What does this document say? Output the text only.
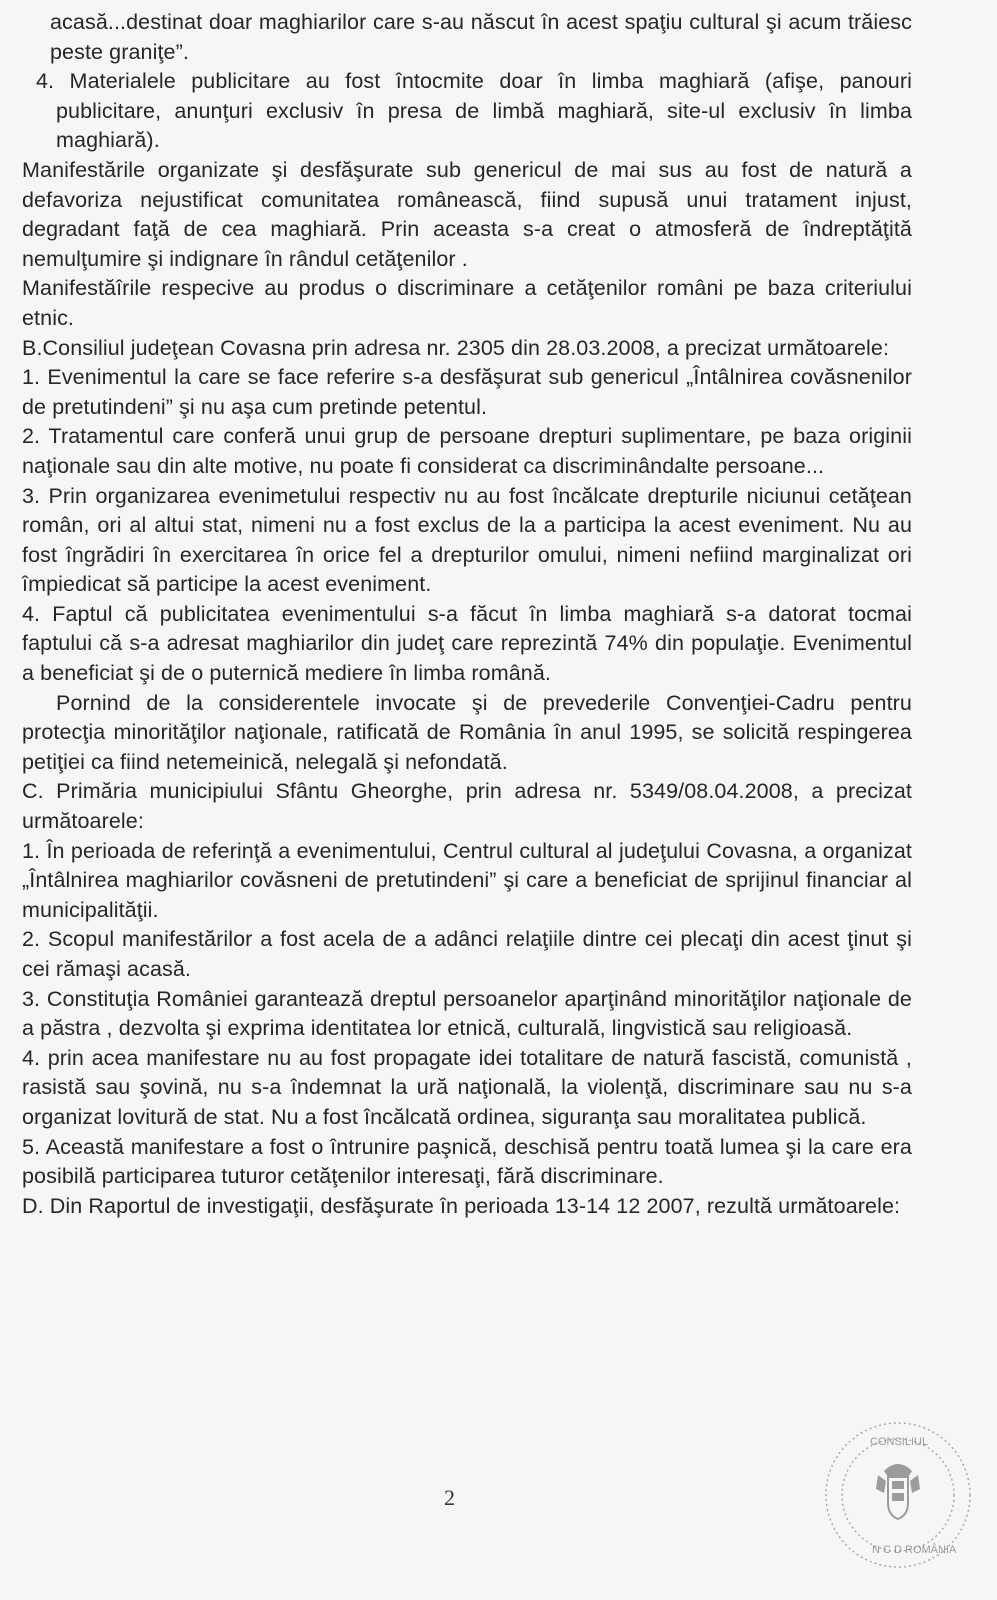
acasă...destinat doar maghiarilor care s-au născut în acest spaţiu cultural şi acum trăiesc peste graniţe”.

4. Materialele publicitare au fost întocmite doar în limba maghiară (afişe, panouri publicitare, anunţuri exclusiv în presa de limbă maghiară, site-ul exclusiv în limba maghiară).

Manifestările organizate şi desfăşurate sub genericul de mai sus au fost de natură a defavoriza nejustificat comunitatea românească, fiind supusă unui tratament injust, degradant faţă de cea maghiară. Prin aceasta s-a creat o atmosferă de îndreptăţită nemulţumire şi indignare în rândul cetăţenilor .

Manifestăîrile respecive au produs o discriminare a cetăţenilor români pe baza criteriului etnic.

B.Consiliul judeţean Covasna prin adresa nr. 2305 din 28.03.2008, a precizat următoarele:

1. Evenimentul la care se face referire s-a desfăşurat sub genericul „Întâlnirea covăsnenilor de pretutindeni” şi nu aşa cum pretinde petentul.

2. Tratamentul care conferă unui grup de persoane drepturi suplimentare, pe baza originii naţionale sau din alte motive, nu poate fi considerat ca discriminândalte persoane...

3. Prin organizarea evenimetului respectiv nu au fost încălcate drepturile niciunui cetăţean român, ori al altui stat, nimeni nu a fost exclus de la a participa la acest eveniment. Nu au fost îngrădiri în exercitarea în orice fel a drepturilor omului, nimeni nefiind marginalizat ori împiedicat să participe la acest eveniment.

4. Faptul că publicitatea evenimentului s-a făcut în limba maghiară s-a datorat tocmai faptului că s-a adresat maghiarilor din judeţ care reprezintă 74% din populaţie. Evenimentul a beneficiat şi de o puternică mediere în limba română.

Pornind de la considerentele invocate şi de prevederile Convenţiei-Cadru pentru protecţia minorităţilor naţionale, ratificată de România în anul 1995, se solicită respingerea petiţiei ca fiind netemeinică, nelegală şi nefondată.

C. Primăria municipiului Sfântu Gheorghe, prin adresa nr. 5349/08.04.2008, a precizat următoarele:

1. În perioada de referinţă a evenimentului, Centrul cultural al judeţului Covasna, a organizat „Întâlnirea maghiarilor covăsneni de pretutindeni” şi care a beneficiat de sprijinul financiar al municipalităţii.

2. Scopul manifestărilor a fost acela de a adânci relaţiile dintre cei plecaţi din acest ţinut şi cei rămaşi acasă.

3. Constituţia României garantează dreptul persoanelor aparţinând minorităţilor naţionale de a păstra , dezvolta şi exprima identitatea lor etnică, culturală, lingvistică sau religioasă.

4. prin acea manifestare nu au fost propagate idei totalitare de natură fascistă, comunistă , rasistă sau şovină, nu s-a îndemnat la ură naţională, la violenţă, discriminare sau nu s-a organizat lovitură de stat. Nu a fost încălcată ordinea, siguranţa sau moralitatea publică.

5. Această manifestare a fost o întrunire paşnică, deschisă pentru toată lumea şi la care era posibilă participarea tuturor cetăţenilor interesaţi, fără discriminare.

D. Din Raportul de investigaţii, desfăşurate în perioada 13-14 12 2007, rezultă următoarele:

2
CONSILIUL
N C D ROMÂNIA
